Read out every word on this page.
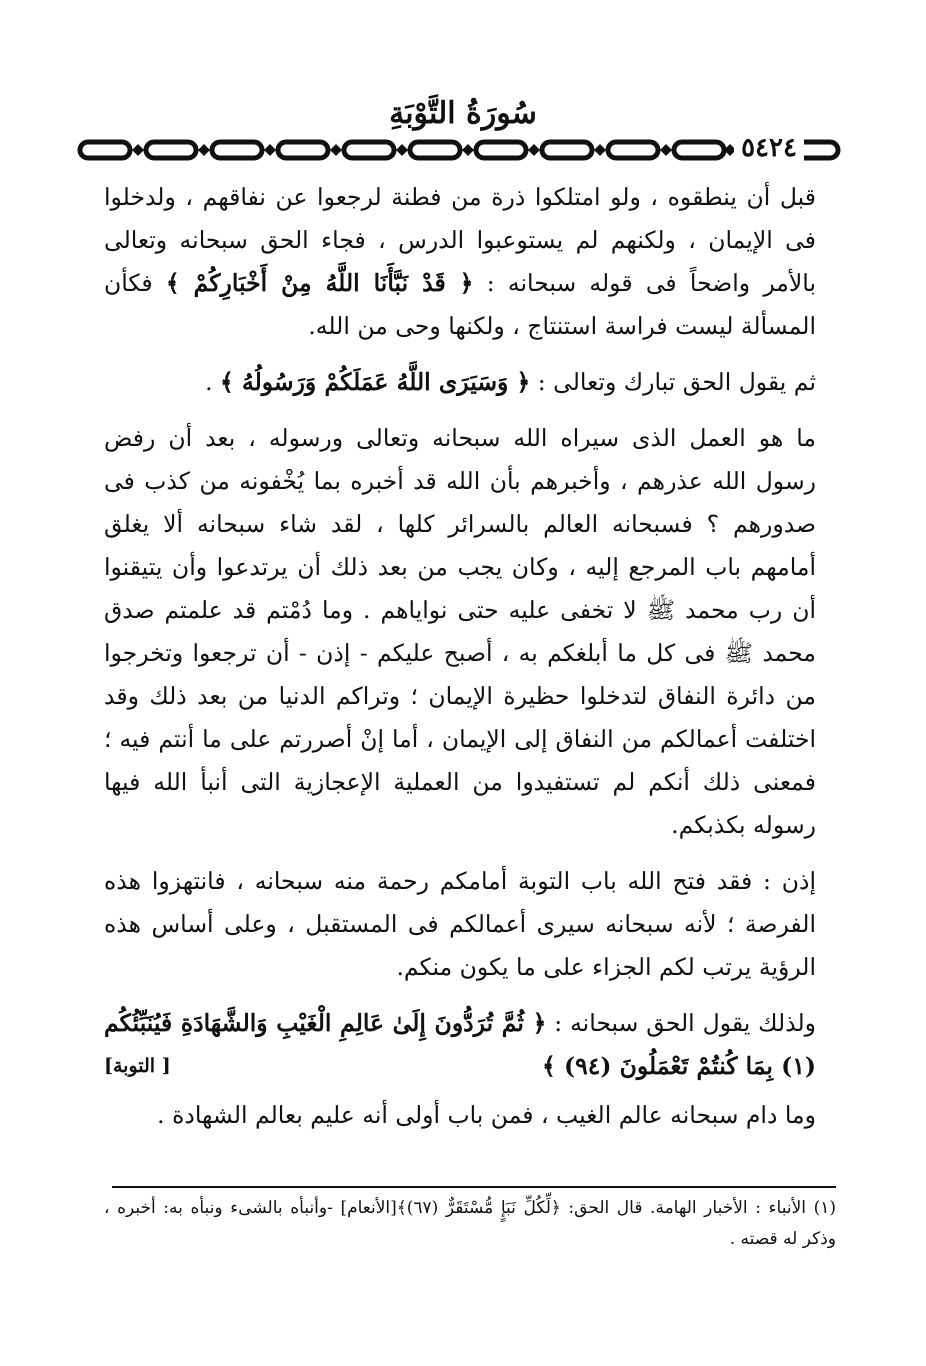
سُورَةُ التَّوْبَةِ
٥٤٢٤

قبل أن ينطقوه ، ولو امتلكوا ذرة من فطنة لرجعوا عن نفاقهم ، ولدخلوا فى الإيمان ، ولكنهم لم يستوعبوا الدرس ، فجاء الحق سبحانه وتعالى بالأمر واضحاً فى قوله سبحانه : ﴿ قَدْ نَبَّأَنَا اللَّهُ مِنْ أَخْبَارِكُمْ ﴾ فكأن المسألة ليست فراسة استنتاج ، ولكنها وحى من الله.

ثم يقول الحق تبارك وتعالى : ﴿ وَسَيَرَى اللَّهُ عَمَلَكُمْ وَرَسُولُهُ ﴾ .

ما هو العمل الذى سيراه الله سبحانه وتعالى ورسوله ، بعد أن رفض رسول الله عذرهم ، وأخبرهم بأن الله قد أخبره بما يُخْفونه من كذب فى صدورهم ؟ فسبحانه العالم بالسرائر كلها ، لقد شاء سبحانه ألا يغلق أمامهم باب المرجع إليه ، وكان يجب من بعد ذلك أن يرتدعوا وأن يتيقنوا أن رب محمد ﷺ لا تخفى عليه حتى نواياهم . وما دُمْتم قد علمتم صدق محمد ﷺ فى كل ما أبلغكم به ، أصبح عليكم - إذن - أن ترجعوا وتخرجوا من دائرة النفاق لتدخلوا حظيرة الإيمان ؛ وتراكم الدنيا من بعد ذلك وقد اختلفت أعمالكم من النفاق إلى الإيمان ، أما إنْ أصررتم على ما أنتم فيه ؛ فمعنى ذلك أنكم لم تستفيدوا من العملية الإعجازية التى أنبأ الله فيها رسوله بكذبكم.

إذن : فقد فتح الله باب التوبة أمامكم رحمة منه سبحانه ، فانتهزوا هذه الفرصة ؛ لأنه سبحانه سيرى أعمالكم فى المستقبل ، وعلى أساس هذه الرؤية يرتب لكم الجزاء على ما يكون منكم.

ولذلك يقول الحق سبحانه : ﴿ ثُمَّ تُرَدُّونَ إِلَىٰ عَالِمِ الْغَيْبِ وَالشَّهَادَةِ فَيُنَبِّئُكُم (١) بِمَا كُنتُمْ تَعْمَلُونَ (٩٤) ﴾
[ التوبة]

وما دام سبحانه عالم الغيب ، فمن باب أولى أنه عليم بعالم الشهادة .

(١) الأنباء : الأخبار الهامة. قال الحق: ﴿لِّكُلِّ نَبَإٍ مُّسْتَقَرٌّ (٦٧)﴾[الأنعام] -وأنبأه بالشىء ونبأه به: أخبره ، وذكر له قصته .
